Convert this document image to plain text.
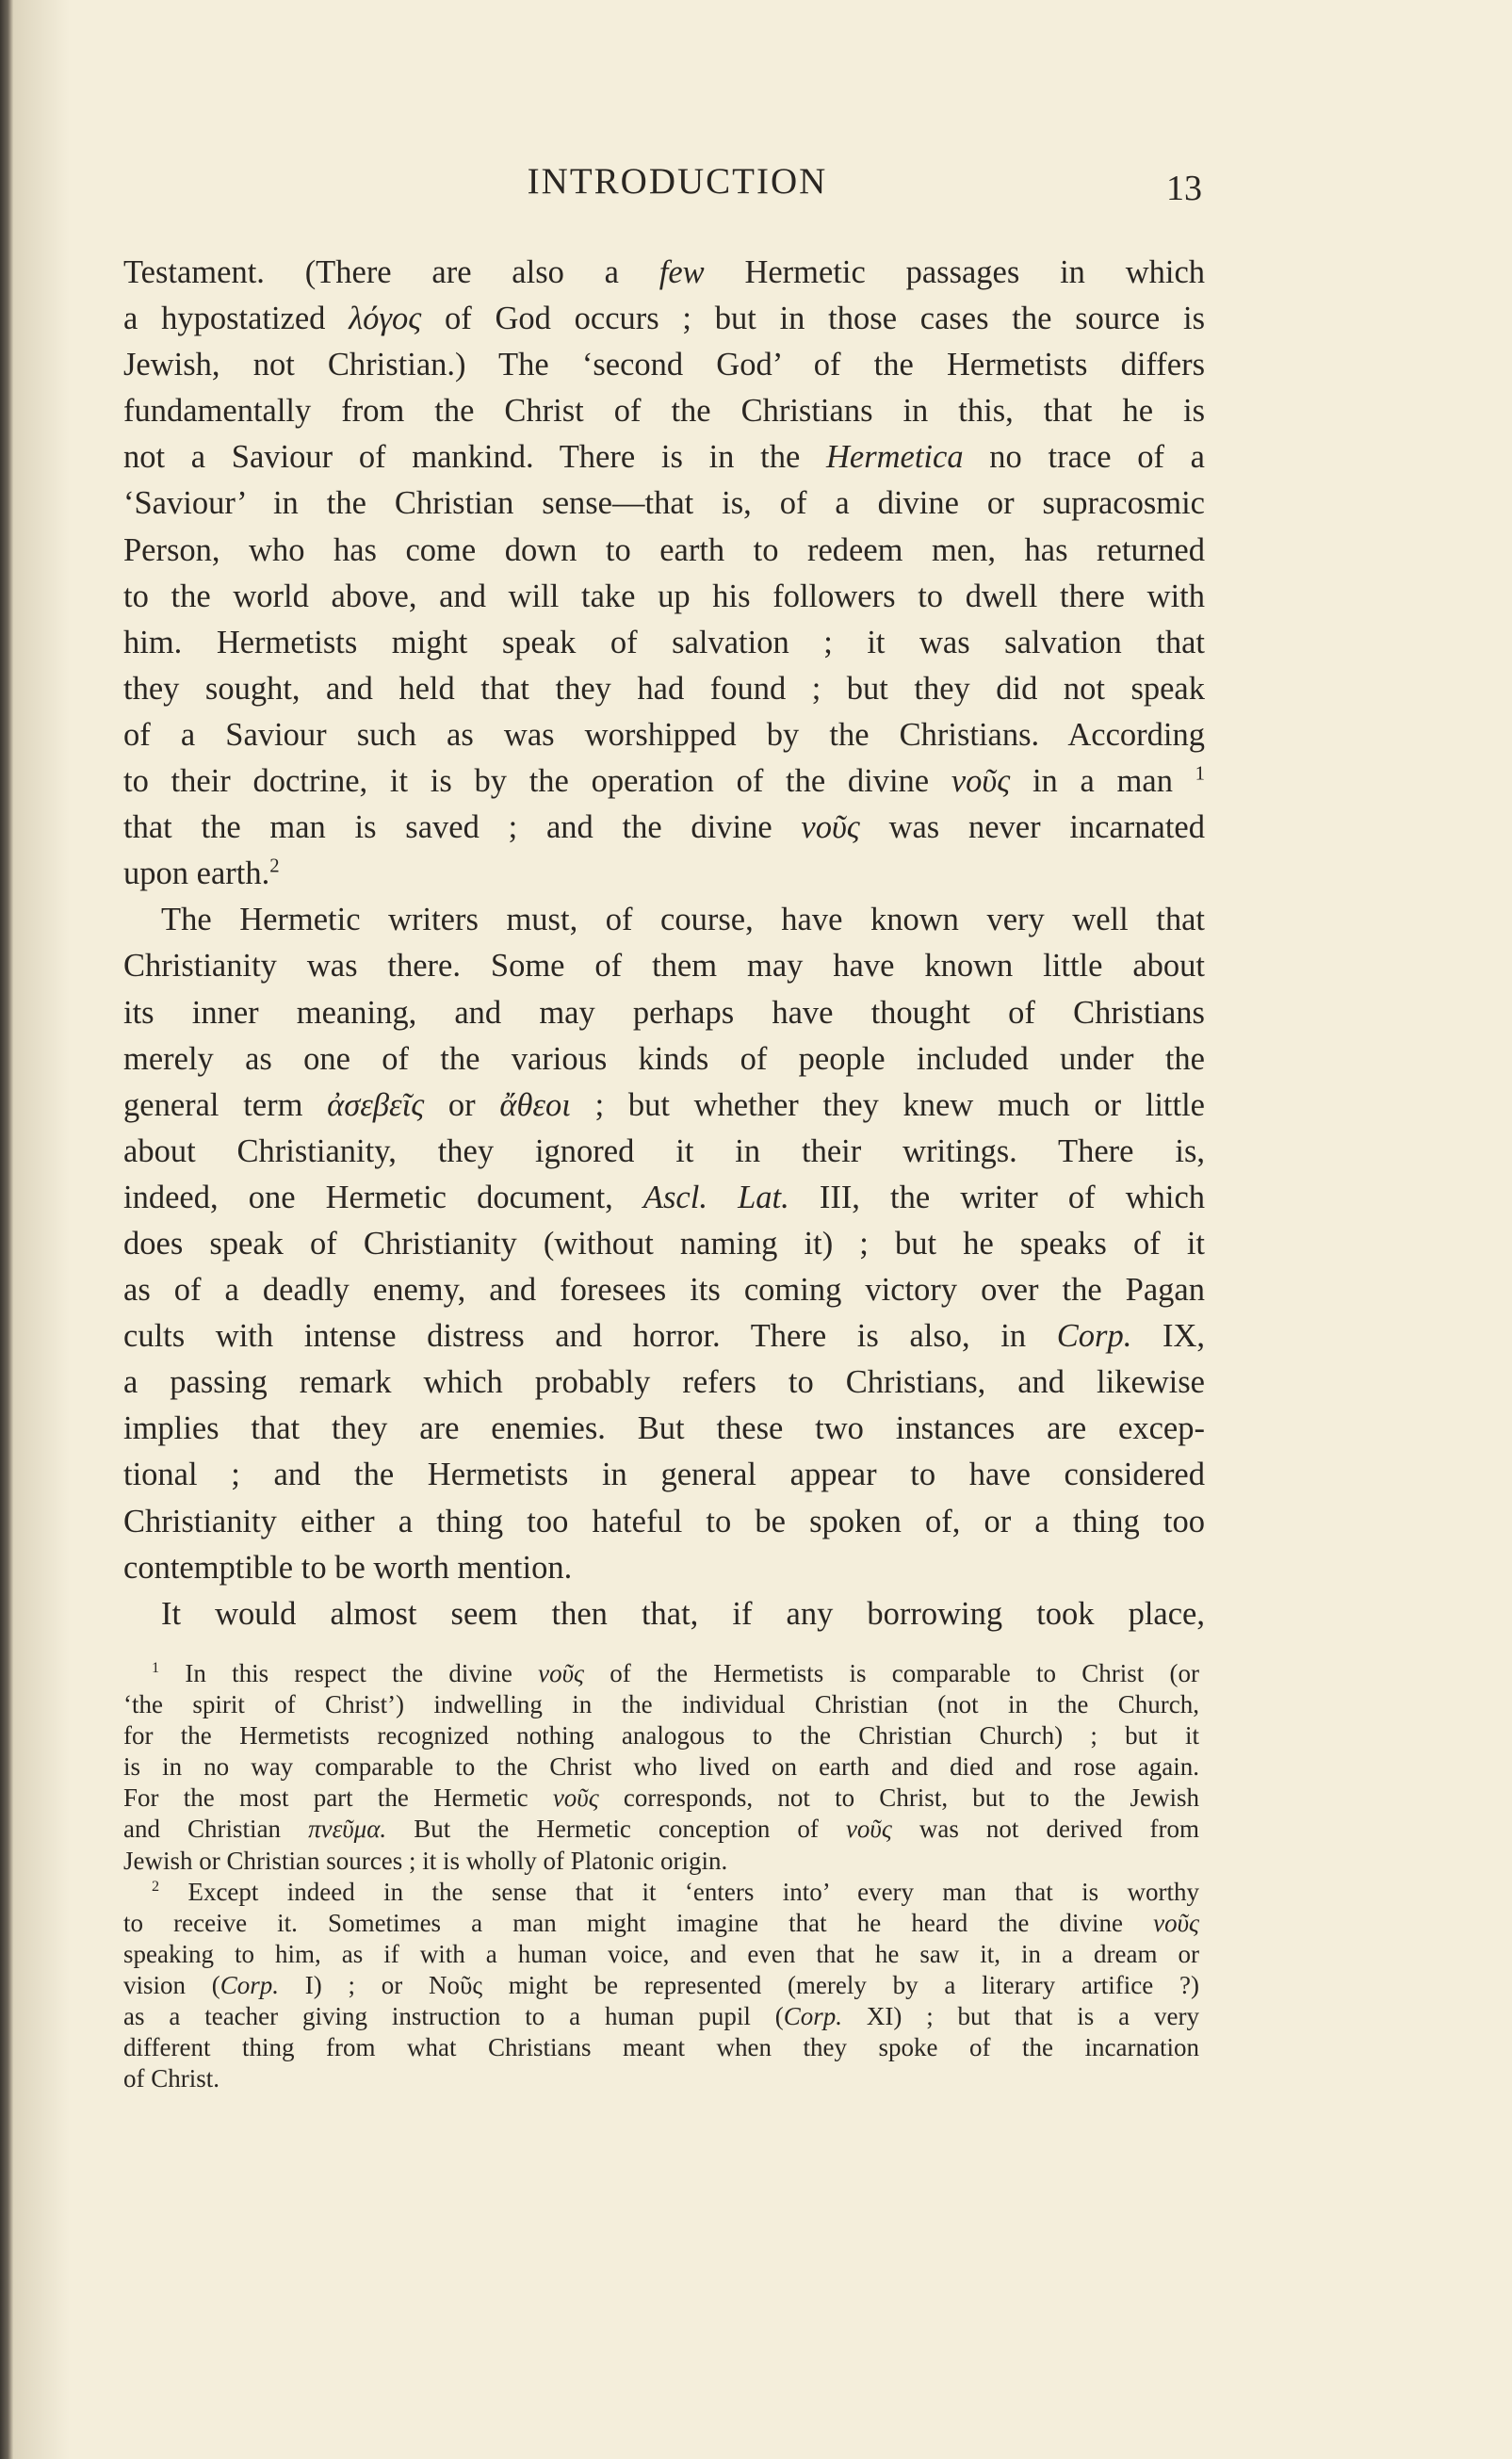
INTRODUCTION	13
Testament. (There are also a few Hermetic passages in which
a hypostatized λόγος of God occurs ; but in those cases the source is
Jewish, not Christian.) The ‘second God’ of the Hermetists differs
fundamentally from the Christ of the Christians in this, that he is
not a Saviour of mankind. There is in the Hermetica no trace of a
‘Saviour’ in the Christian sense—that is, of a divine or supracosmic
Person, who has come down to earth to redeem men, has returned
to the world above, and will take up his followers to dwell there with
him. Hermetists might speak of salvation ; it was salvation that
they sought, and held that they had found ; but they did not speak
of a Saviour such as was worshipped by the Christians. According
to their doctrine, it is by the operation of the divine νοῦς in a man $^1$
that the man is saved ; and the divine νοῦς was never incarnated
upon earth.$^2$
The Hermetic writers must, of course, have known very well that
Christianity was there. Some of them may have known little about
its inner meaning, and may perhaps have thought of Christians
merely as one of the various kinds of people included under the
general term ἀσεβεῖς or ἄθεοι ; but whether they knew much or little
about Christianity, they ignored it in their writings. There is,
indeed, one Hermetic document, Ascl. Lat. III, the writer of which
does speak of Christianity (without naming it) ; but he speaks of it
as of a deadly enemy, and foresees its coming victory over the Pagan
cults with intense distress and horror. There is also, in Corp. IX,
a passing remark which probably refers to Christians, and likewise
implies that they are enemies. But these two instances are excep-
tional ; and the Hermetists in general appear to have considered
Christianity either a thing too hateful to be spoken of, or a thing too
contemptible to be worth mention.
It would almost seem then that, if any borrowing took place,
$^1$ In this respect the divine νοῦς of the Hermetists is comparable to Christ (or
‘the spirit of Christ’) indwelling in the individual Christian (not in the Church,
for the Hermetists recognized nothing analogous to the Christian Church) ; but it
is in no way comparable to the Christ who lived on earth and died and rose again.
For the most part the Hermetic νοῦς corresponds, not to Christ, but to the Jewish
and Christian πνεῦμα. But the Hermetic conception of νοῦς was not derived from
Jewish or Christian sources ; it is wholly of Platonic origin.
$^2$ Except indeed in the sense that it ‘enters into’ every man that is worthy
to receive it. Sometimes a man might imagine that he heard the divine νοῦς
speaking to him, as if with a human voice, and even that he saw it, in a dream or
vision (Corp. I) ; or Νοῦς might be represented (merely by a literary artifice ?)
as a teacher giving instruction to a human pupil (Corp. XI) ; but that is a very
different thing from what Christians meant when they spoke of the incarnation
of Christ.
